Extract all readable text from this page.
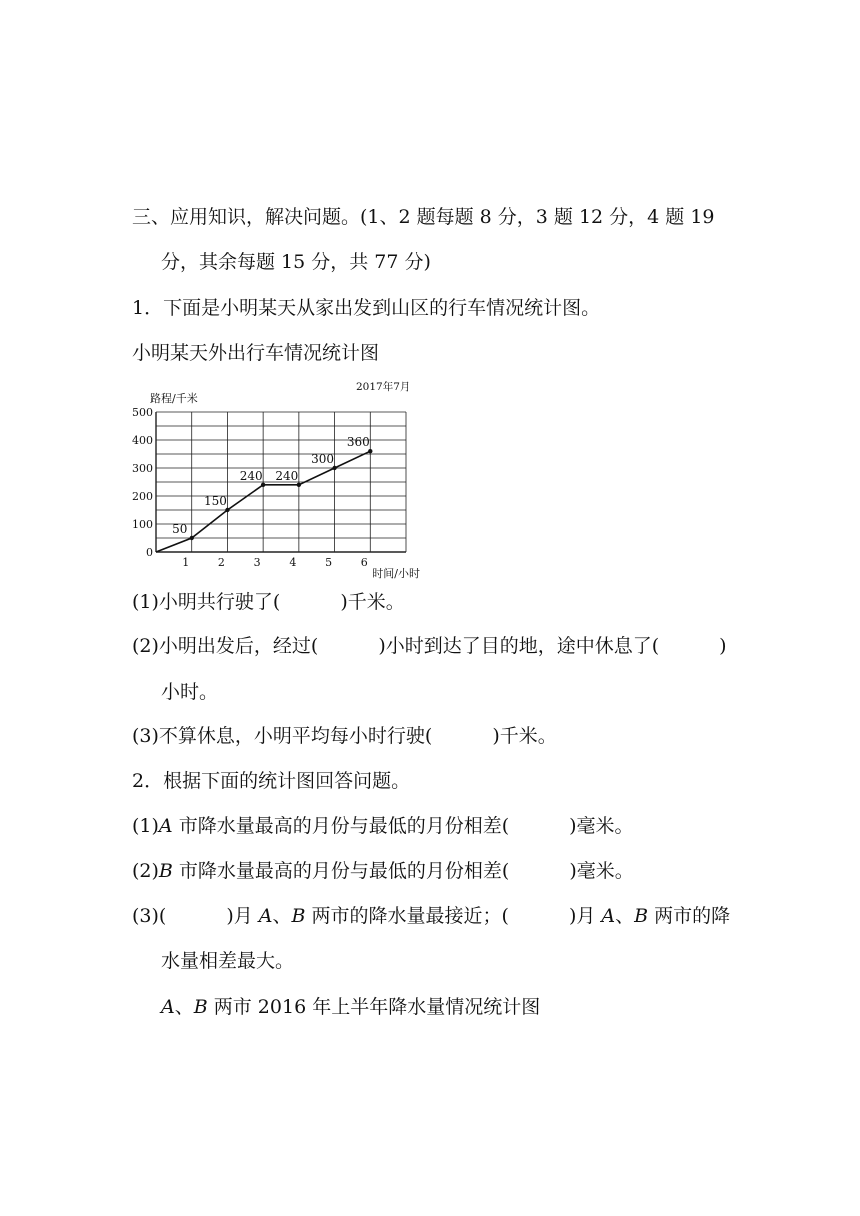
三、应用知识，解决问题。(1、2 题每题 8 分，3 题 12 分，4 题 19
分，其余每题 15 分，共 77 分)
1．下面是小明某天从家出发到山区的行车情况统计图。
小明某天外出行车情况统计图
0
100
200
300
400
500
1	2	3	4	5	6
路程/千米
时间/小时
2017年7月
50
150
240 240
300
360
(1)小明共行驶了(	)千米。
(2)小明出发后，经过(	)小时到达了目的地，途中休息了(	)
小时。
(3)不算休息，小明平均每小时行驶(	)千米。
2．根据下面的统计图回答问题。
(1)A 市降水量最高的月份与最低的月份相差(	)毫米。
(2)B 市降水量最高的月份与最低的月份相差(	)毫米。
(3)(	)月 A、B 两市的降水量最接近；(	)月 A、B 两市的降
水量相差最大。
A、B 两市 2016 年上半年降水量情况统计图
